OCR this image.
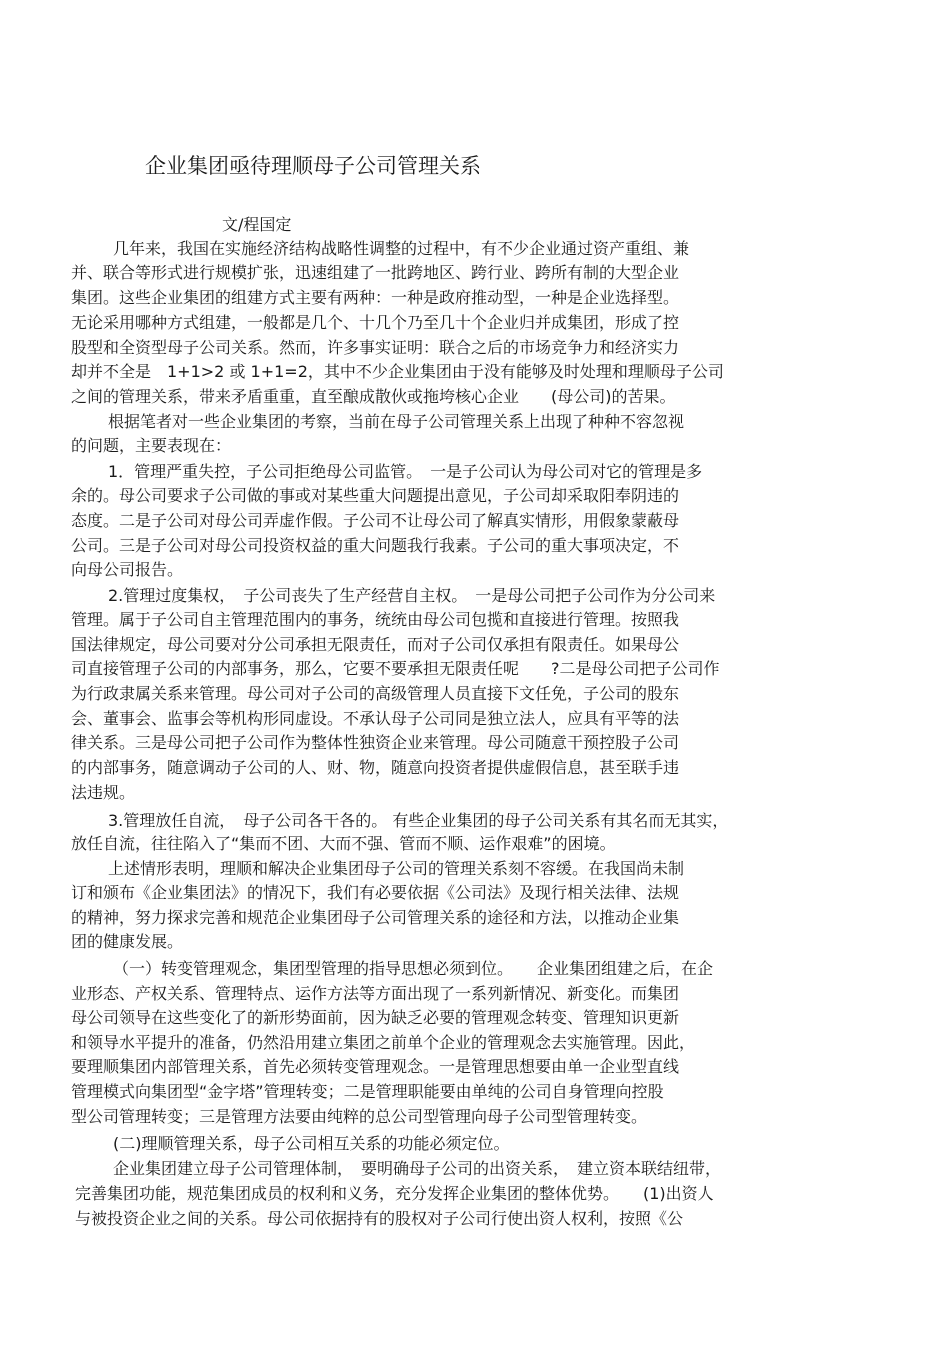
企业集团亟待理顺母子公司管理关系
文/程国定
几年来，我国在实施经济结构战略性调整的过程中，有不少企业通过资产重组、兼
并、联合等形式进行规模扩张，迅速组建了一批跨地区、跨行业、跨所有制的大型企业
集团。这些企业集团的组建方式主要有两种：一种是政府推动型，一种是企业选择型。
无论采用哪种方式组建，一般都是几个、十几个乃至几十个企业归并成集团，形成了控
股型和全资型母子公司关系。然而，许多事实证明：联合之后的市场竞争力和经济实力
却并不全是　1+1>2 或 1+1=2，其中不少企业集团由于没有能够及时处理和理顺母子公司
之间的管理关系，带来矛盾重重，直至酿成散伙或拖垮核心企业　　(母公司)的苦果。
根据笔者对一些企业集团的考察，当前在母子公司管理关系上出现了种种不容忽视
的问题，主要表现在：
1．管理严重失控，子公司拒绝母公司监管。　一是子公司认为母公司对它的管理是多
余的。母公司要求子公司做的事或对某些重大问题提出意见，子公司却采取阳奉阴违的
态度。二是子公司对母公司弄虚作假。子公司不让母公司了解真实情形，用假象蒙蔽母
公司。三是子公司对母公司投资权益的重大问题我行我素。子公司的重大事项决定，不
向母公司报告。
2.管理过度集权，　子公司丧失了生产经营自主权。　一是母公司把子公司作为分公司来
管理。属于子公司自主管理范围内的事务，统统由母公司包揽和直接进行管理。按照我
国法律规定，母公司要对分公司承担无限责任，而对子公司仅承担有限责任。如果母公
司直接管理子公司的内部事务，那么，它要不要承担无限责任呢　　?二是母公司把子公司作
为行政隶属关系来管理。母公司对子公司的高级管理人员直接下文任免，子公司的股东
会、董事会、监事会等机构形同虚设。不承认母子公司同是独立法人，应具有平等的法
律关系。三是母公司把子公司作为整体性独资企业来管理。母公司随意干预控股子公司
的内部事务，随意调动子公司的人、财、物，随意向投资者提供虚假信息，甚至联手违
法违规。
3.管理放任自流，　母子公司各干各的。 有些企业集团的母子公司关系有其名而无其实，
放任自流，往往陷入了“集而不团、大而不强、管而不顺、运作艰难”的困境。
上述情形表明，理顺和解决企业集团母子公司的管理关系刻不容缓。在我国尚未制
订和颁布《企业集团法》的情况下，我们有必要依据《公司法》及现行相关法律、法规
的精神，努力探求完善和规范企业集团母子公司管理关系的途径和方法，以推动企业集
团的健康发展。
（一）转变管理观念，集团型管理的指导思想必须到位。　　企业集团组建之后，在企
业形态、产权关系、管理特点、运作方法等方面出现了一系列新情况、新变化。而集团
母公司领导在这些变化了的新形势面前，因为缺乏必要的管理观念转变、管理知识更新
和领导水平提升的准备，仍然沿用建立集团之前单个企业的管理观念去实施管理。因此，
要理顺集团内部管理关系，首先必须转变管理观念。一是管理思想要由单一企业型直线
管理模式向集团型“金字塔”管理转变；二是管理职能要由单纯的公司自身管理向控股
型公司管理转变；三是管理方法要由纯粹的总公司型管理向母子公司型管理转变。
(二)理顺管理关系，母子公司相互关系的功能必须定位。
企业集团建立母子公司管理体制，　要明确母子公司的出资关系，　建立资本联结纽带，
完善集团功能，规范集团成员的权利和义务，充分发挥企业集团的整体优势。　　(1)出资人
与被投资企业之间的关系。母公司依据持有的股权对子公司行使出资人权利，按照《公
